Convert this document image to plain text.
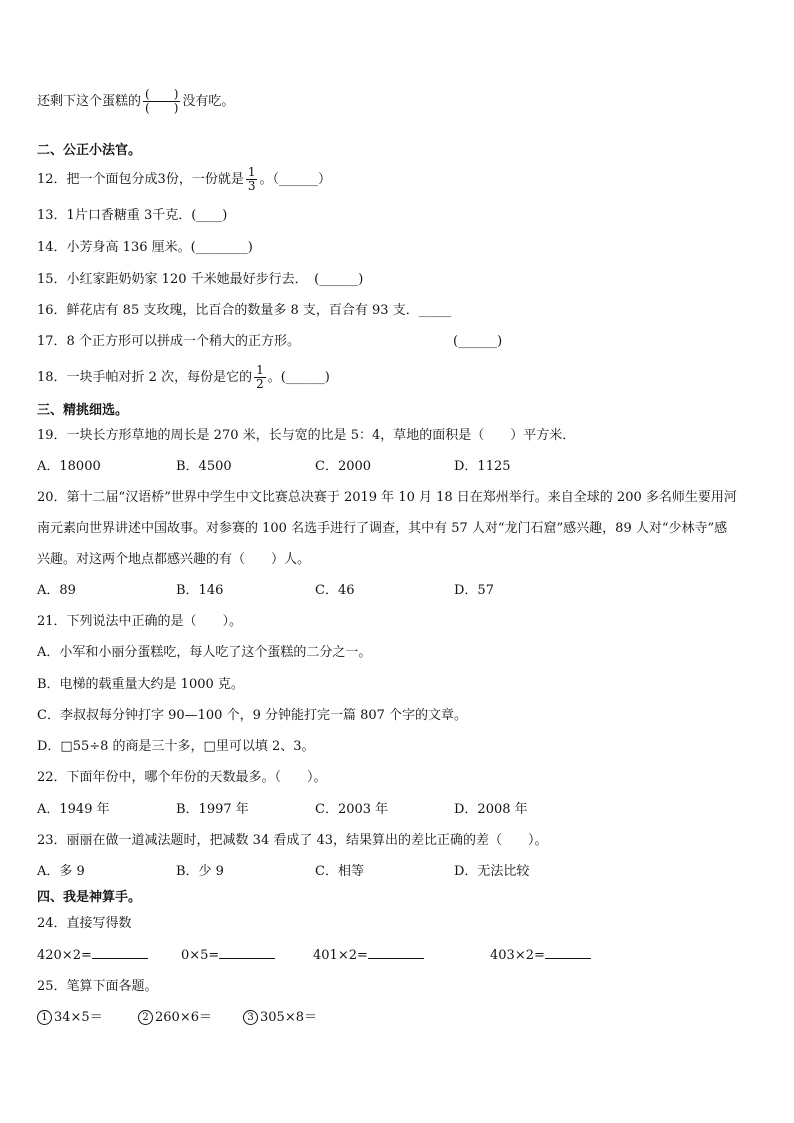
还剩下这个蛋糕的 $\frac{( )}{( )}$ 没有吃。
二、公正小法官。
12．把一个面包分成3份，一份就是 $\frac{1}{3}$ 。（______）
13．1片口香糖重 3千克．(____)
14．小芳身高 136 厘米。(________)
15．小红家距奶奶家 120 千米她最好步行去．　(______)
16．鲜花店有 85 支玫瑰，比百合的数量多 8 支，百合有 93 支．_____
17．8 个正方形可以拼成一个稍大的正方形。	(______)
18．一块手帕对折 2 次，每份是它的 $\frac{1}{2}$ 。(______)
三、精挑细选。
19．一块长方形草地的周长是 270 米，长与宽的比是 5：4，草地的面积是（　　）平方米．
A．18000	B．4500	C．2000	D．1125
20．第十二届“汉语桥”世界中学生中文比赛总决赛于 2019 年 10 月 18 日在郑州举行。来自全球的 200 多名师生要用河
南元素向世界讲述中国故事。对参赛的 100 名选手进行了调查，其中有 57 人对“龙门石窟”感兴趣，89 人对“少林寺”感
兴趣。对这两个地点都感兴趣的有（　　）人。
A．89	B．146	C．46	D．57
21．下列说法中正确的是（　　）。
A．小军和小丽分蛋糕吃，每人吃了这个蛋糕的二分之一。
B．电梯的载重量大约是 1000 克。
C．李叔叔每分钟打字 90—100 个，9 分钟能打完一篇 807 个字的文章。
D．□55÷8 的商是三十多，□里可以填 2、3。
22．下面年份中，哪个年份的天数最多。（　　）。
A．1949 年	B．1997 年	C．2003 年	D．2008 年
23．丽丽在做一道减法题时，把减数 34 看成了 43，结果算出的差比正确的差（　　）。
A．多 9	B．少 9	C．相等	D．无法比较
四、我是神算手。
24．直接写得数
420×2=	0×5=	401×2=	403×2=
25．笔算下面各题。
1 34×5＝	2 260×6＝	3 305×8＝
